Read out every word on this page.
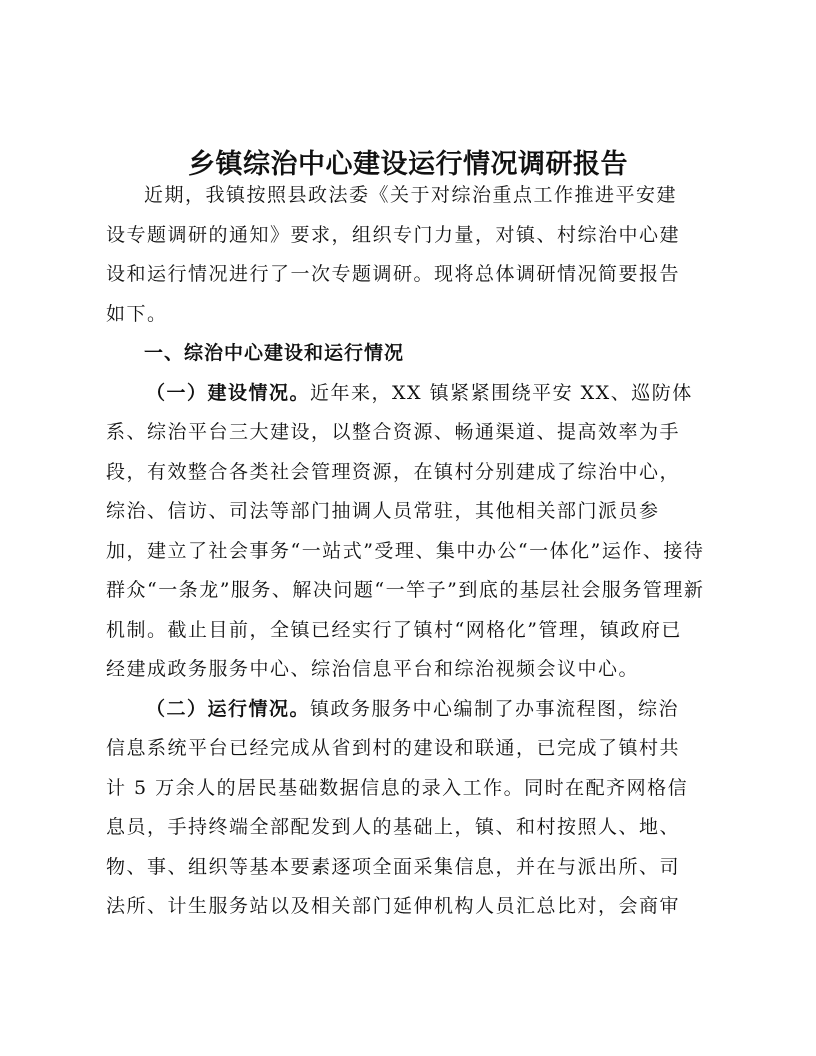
乡镇综治中心建设运行情况调研报告
近期，我镇按照县政法委《关于对综治重点工作推进平安建
设专题调研的通知》要求，组织专门力量，对镇、村综治中心建
设和运行情况进行了一次专题调研。现将总体调研情况简要报告
如下。
一、综治中心建设和运行情况
（一）建设情况。近年来，XX 镇紧紧围绕平安 XX、巡防体
系、综治平台三大建设，以整合资源、畅通渠道、提高效率为手
段，有效整合各类社会管理资源，在镇村分别建成了综治中心，
综治、信访、司法等部门抽调人员常驻，其他相关部门派员参
加，建立了社会事务“一站式”受理、集中办公“一体化”运作、接待
群众“一条龙”服务、解决问题“一竿子”到底的基层社会服务管理新
机制。截止目前，全镇已经实行了镇村“网格化”管理，镇政府已
经建成政务服务中心、综治信息平台和综治视频会议中心。
（二）运行情况。镇政务服务中心编制了办事流程图，综治
信息系统平台已经完成从省到村的建设和联通，已完成了镇村共
计 5 万余人的居民基础数据信息的录入工作。同时在配齐网格信
息员，手持终端全部配发到人的基础上，镇、和村按照人、地、
物、事、组织等基本要素逐项全面采集信息，并在与派出所、司
法所、计生服务站以及相关部门延伸机构人员汇总比对，会商审
